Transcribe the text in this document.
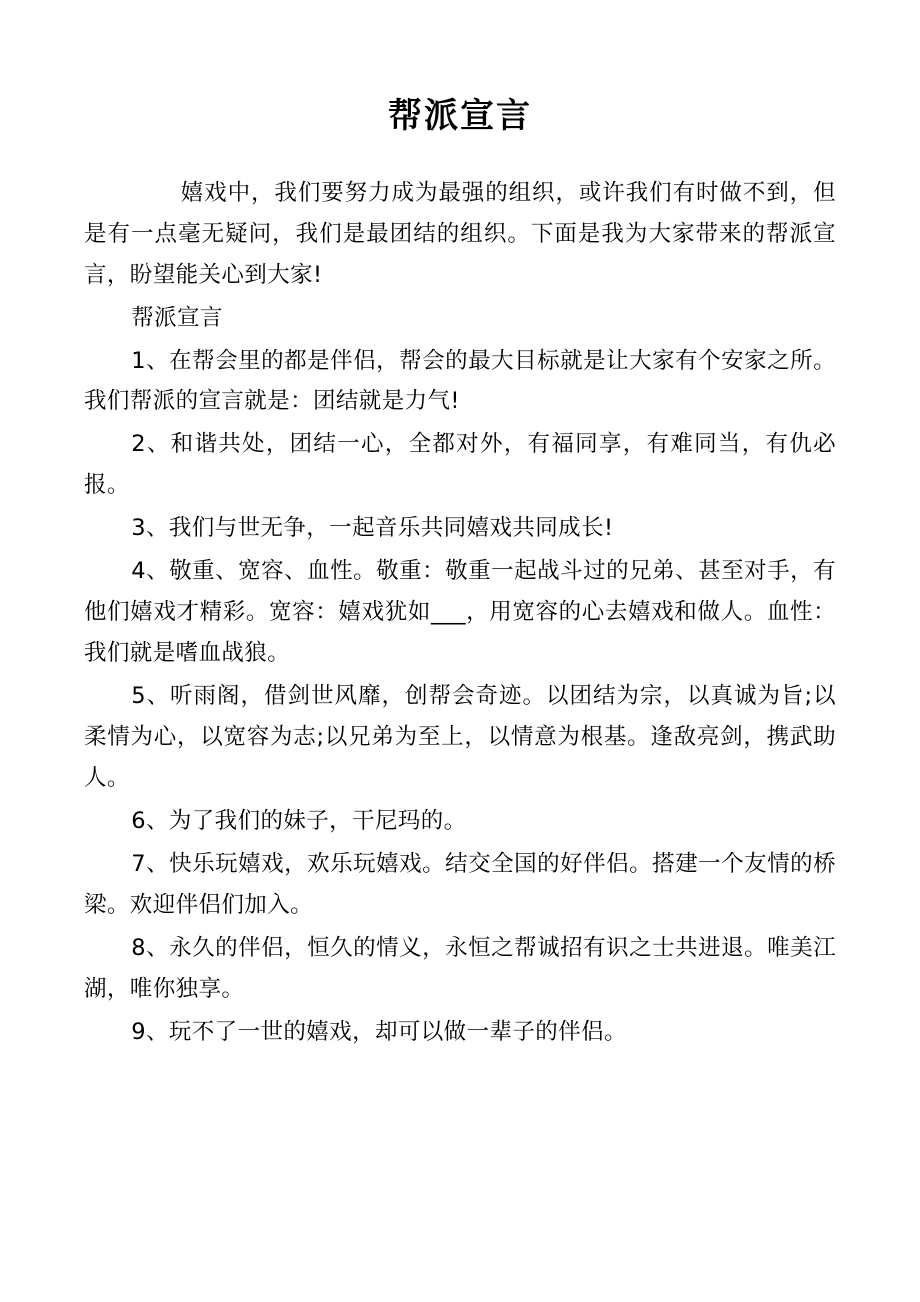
帮派宣言

嬉戏中，我们要努力成为最强的组织，或许我们有时做不到，但是有一点毫无疑问，我们是最团结的组织。下面是我为大家带来的帮派宣言，盼望能关心到大家!

帮派宣言

1、在帮会里的都是伴侣，帮会的最大目标就是让大家有个安家之所。我们帮派的宣言就是：团结就是力气!

2、和谐共处，团结一心，全都对外，有福同享，有难同当，有仇必报。

3、我们与世无争，一起音乐共同嬉戏共同成长!

4、敬重、宽容、血性。敬重：敬重一起战斗过的兄弟、甚至对手，有他们嬉戏才精彩。宽容：嬉戏犹如___，用宽容的心去嬉戏和做人。血性：我们就是嗜血战狼。

5、听雨阁，借剑世风靡，创帮会奇迹。以团结为宗，以真诚为旨;以柔情为心，以宽容为志;以兄弟为至上，以情意为根基。逢敌亮剑，携武助人。

6、为了我们的妹子，干尼玛的。

7、快乐玩嬉戏，欢乐玩嬉戏。结交全国的好伴侣。搭建一个友情的桥梁。欢迎伴侣们加入。

8、永久的伴侣，恒久的情义，永恒之帮诚招有识之士共进退。唯美江湖，唯你独享。

9、玩不了一世的嬉戏，却可以做一辈子的伴侣。
